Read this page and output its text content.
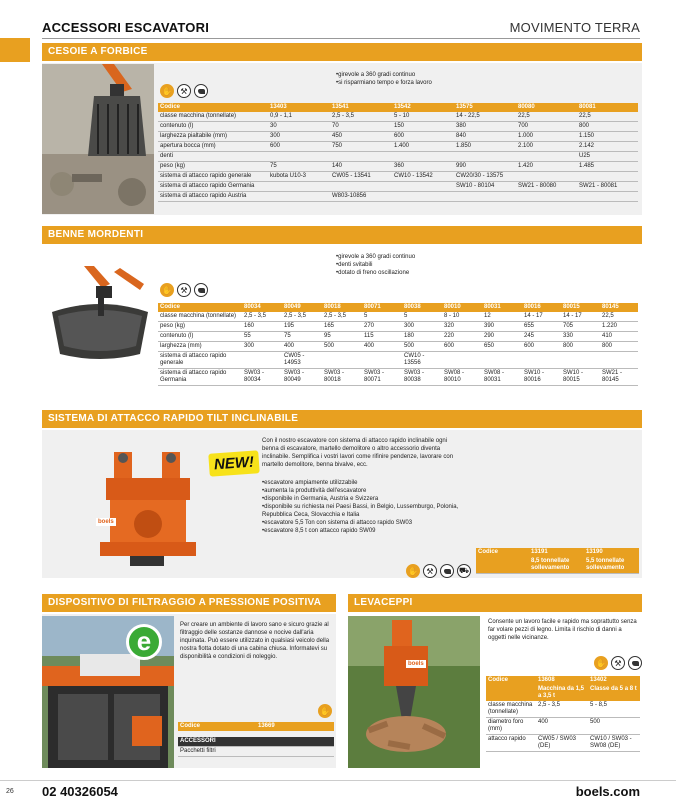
ACCESSORI ESCAVATORI	MOVIMENTO TERRA
CESOIE A FORBICE
• girevole a 360 gradi continuo
• si risparmiano tempo e forza lavoro
✋ ⚒
Codice	13403	13541	13542	13575	80080	80081
classe macchina (tonnellate)	0,9 - 1,1	2,5 - 3,5	5 - 10	14 - 22,5	22,5	22,5
contenuto (l)	30	70	150	380	700	800
larghezza pialtabile (mm)	300	450	600	840	1.000	1.150
apertura bocca (mm)	600	750	1.400	1.850	2.100	2.142
denti						U25
peso (kg)	75	140	360	990	1.420	1.485
sistema di attacco rapido generale	kubota U10-3	CW05 - 13541	CW10 - 13542	CW20/30 - 13575		
sistema di attacco rapido Germania				SW10 - 80104	SW21 - 80080	SW21 - 80081
sistema di attacco rapido Austria		W803-10856				
BENNE MORDENTI
• girevole a 360 gradi continuo
• denti svitabili
• dotato di freno oscillazione
✋ ⚒
Codice	80034	80049	80018	80071	80038	80010	80031	80016	80015	80145
classe macchina (tonnellate)	2,5 - 3,5	2,5 - 3,5	2,5 - 3,5	5	5	8 - 10	12	14 - 17	14 - 17	22,5
peso (kg)	160	195	165	270	300	320	390	655	705	1.220
contenuto (l)	55	75	95	115	180	220	290	245	330	410
larghezza (mm)	300	400	500	400	500	600	650	600	800	800
sistema di attacco rapido generale		CW05 - 14953			CW10 - 13556					
sistema di attacco rapido Germania	SW03 - 80034	SW03 - 80049	SW03 - 80018	SW03 - 80071	SW03 - 80038	SW08 - 80010	SW08 - 80031	SW10 - 80016	SW10 - 80015	SW21 - 80145
SISTEMA DI ATTACCO RAPIDO TILT INCLINABILE
boels
NEW!
Con il nostro escavatore con sistema di attacco rapido inclinabile ogni benna di escavatore, martello demolitore o altro accessorio diventa inclinabile. Semplifica i vostri lavori come rifinire pendenze, lavorare con martello demolitore, benna bivalve, ecc.
• escavatore ampiamente utilizzabile
• aumenta la produttività dell'escavatore
• disponibile in Germania, Austria e Svizzera
• disponibile su richiesta nei Paesi Bassi, in Belgio, Lussemburgo, Polonia, Repubblica Ceca, Slovacchia e Italia
• escavatore 5,5 Ton con sistema di attacco rapido SW03
• escavatore 8,5 t con attacco rapido SW09
Codice	13191	13190
	8,5 tonnellate sollevamento	5,5 tonnellate sollevamento
✋ ⚒	⛟
DISPOSITIVO DI FILTRAGGIO A PRESSIONE POSITIVA
e
Per creare un ambiente di lavoro sano e sicuro grazie al filtraggio delle sostanze dannose e nocive dall'aria inquinata. Può essere utilizzato in qualsiasi veicolo della nostra flotta dotato di una cabina chiusa. Informatevi su disponibilità e condizioni di noleggio.
✋
Codice	13669

ACCESSORI
Pacchetti filtri
LEVACEPPI
boels
Consente un lavoro facile e rapido ma soprattutto senza far volare pezzi di legno. Limita il rischio di danni a oggetti nelle vicinanze.
✋ ⚒
Codice	13608	13402
	Macchina da 1,5 a 3,5 t	Classe da 5 a 8 t
classe macchina (tonnellate)	2,5 - 3,5	5 - 8,5
diametro foro (mm)	400	500
attacco rapido	CW05 / SW03 (DE)	CW10 / SW03 - SW08 (DE)
26 02 40326054	boels.com
